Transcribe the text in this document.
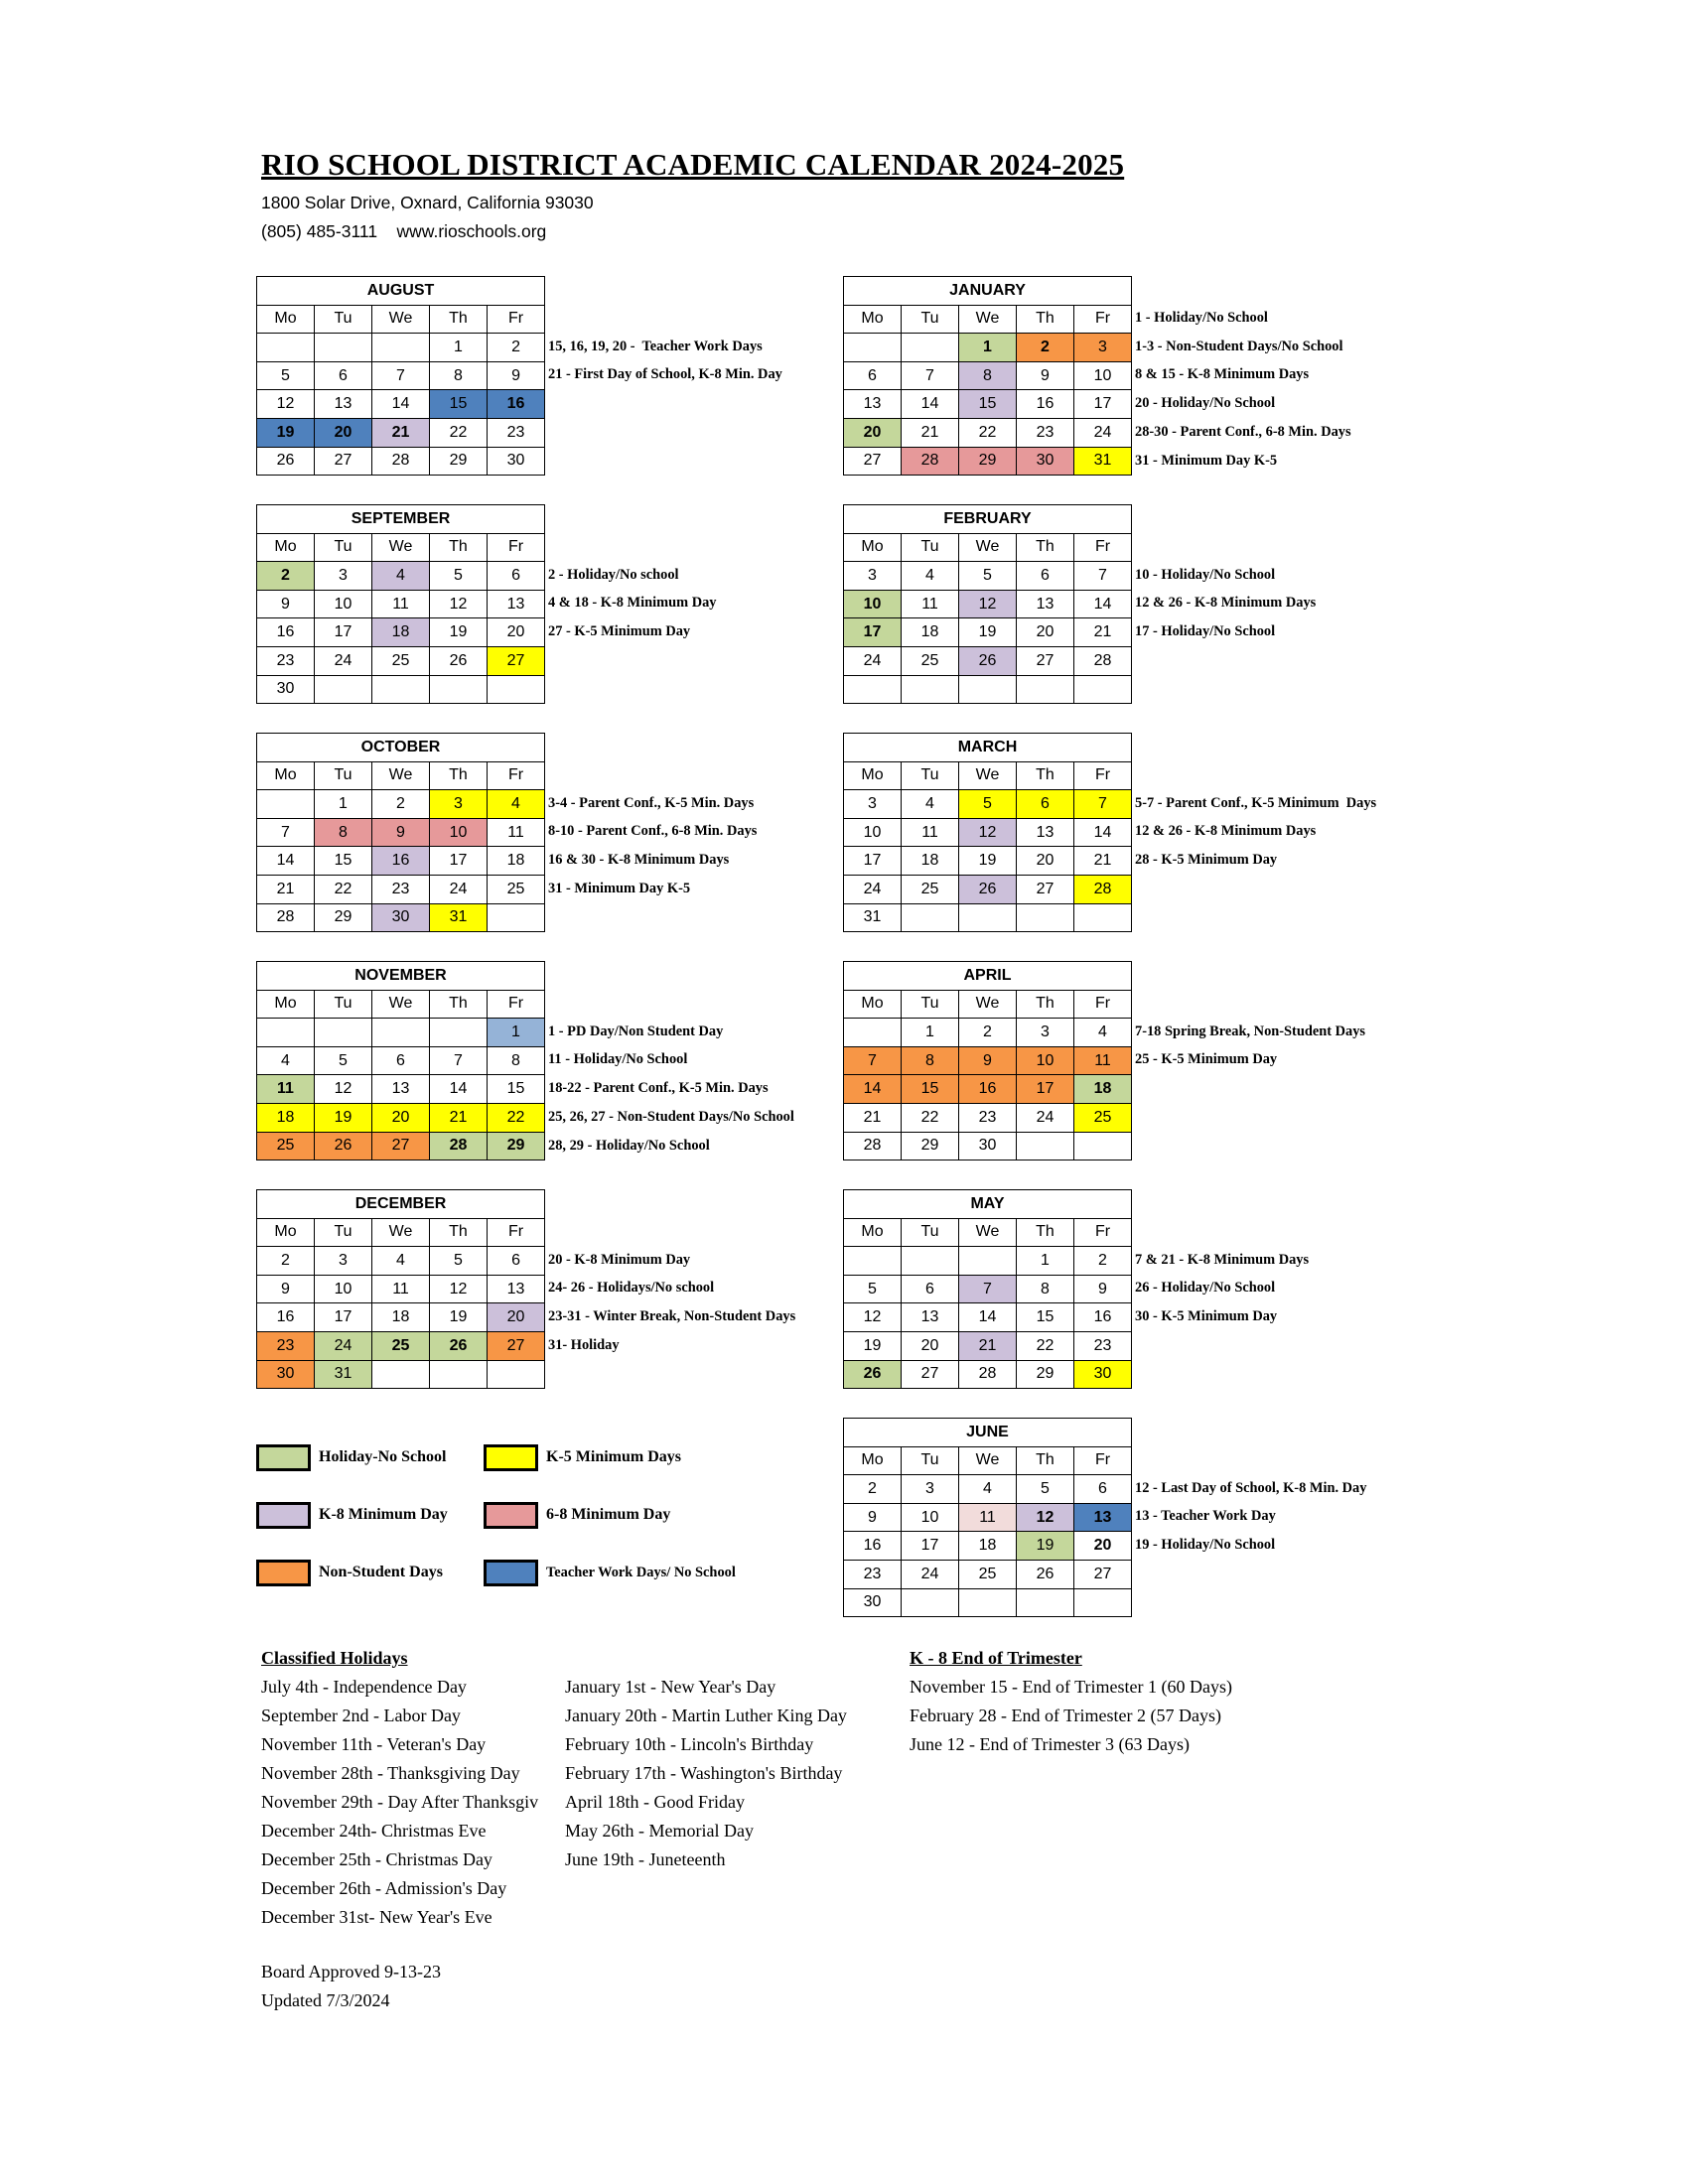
RIO SCHOOL DISTRICT ACADEMIC CALENDAR 2024-2025
1800 Solar Drive, Oxnard, California 93030
(805) 485-3111    www.rioschools.org
AUGUST				
Mo	Tu	We	Th	Fr
			1	2
5	6	7	8	9
12	13	14	15	16
19	20	21	22	23
26	27	28	29	30
15, 16, 19, 20 -  Teacher Work Days
21 - First Day of School, K-8 Min. Day
SEPTEMBER				
Mo	Tu	We	Th	Fr
2	3	4	5	6
9	10	11	12	13
16	17	18	19	20
23	24	25	26	27
30				
2 - Holiday/No school
4 & 18 - K-8 Minimum Day
27 - K-5 Minimum Day
OCTOBER				
Mo	Tu	We	Th	Fr
	1	2	3	4
7	8	9	10	11
14	15	16	17	18
21	22	23	24	25
28	29	30	31	
3-4 - Parent Conf., K-5 Min. Days
8-10 - Parent Conf., 6-8 Min. Days
16 & 30 - K-8 Minimum Days
31 - Minimum Day K-5
NOVEMBER				
Mo	Tu	We	Th	Fr
				1
4	5	6	7	8
11	12	13	14	15
18	19	20	21	22
25	26	27	28	29
1 - PD Day/Non Student Day
11 - Holiday/No School
18-22 - Parent Conf., K-5 Min. Days
25, 26, 27 - Non-Student Days/No School
28, 29 - Holiday/No School
DECEMBER				
Mo	Tu	We	Th	Fr
2	3	4	5	6
9	10	11	12	13
16	17	18	19	20
23	24	25	26	27
30	31			
20 - K-8 Minimum Day
24- 26 - Holidays/No school
23-31 - Winter Break, Non-Student Days
31- Holiday
JANUARY				
Mo	Tu	We	Th	Fr
		1	2	3
6	7	8	9	10
13	14	15	16	17
20	21	22	23	24
27	28	29	30	31
1 - Holiday/No School
1-3 - Non-Student Days/No School
8 & 15 - K-8 Minimum Days
20 - Holiday/No School
28-30 - Parent Conf., 6-8 Min. Days
31 - Minimum Day K-5
FEBRUARY				
Mo	Tu	We	Th	Fr
3	4	5	6	7
10	11	12	13	14
17	18	19	20	21
24	25	26	27	28

10 - Holiday/No School
12 & 26 - K-8 Minimum Days
17 - Holiday/No School
MARCH				
Mo	Tu	We	Th	Fr
3	4	5	6	7
10	11	12	13	14
17	18	19	20	21
24	25	26	27	28
31				
5-7 - Parent Conf., K-5 Minimum  Days
12 & 26 - K-8 Minimum Days
28 - K-5 Minimum Day
APRIL				
Mo	Tu	We	Th	Fr
	1	2	3	4
7	8	9	10	11
14	15	16	17	18
21	22	23	24	25
28	29	30		
7-18 Spring Break, Non-Student Days
25 - K-5 Minimum Day
MAY				
Mo	Tu	We	Th	Fr
			1	2
5	6	7	8	9
12	13	14	15	16
19	20	21	22	23
26	27	28	29	30
7 & 21 - K-8 Minimum Days
26 - Holiday/No School
30 - K-5 Minimum Day
JUNE				
Mo	Tu	We	Th	Fr
2	3	4	5	6
9	10	11	12	13
16	17	18	19	20
23	24	25	26	27
30				
12 - Last Day of School, K-8 Min. Day
13 - Teacher Work Day
19 - Holiday/No School
Holiday-No School	K-5 Minimum Days
K-8 Minimum Day	6-8 Minimum Day
Non-Student Days	Teacher Work Days/ No School
Classified Holidays
July 4th - Independence Day
September 2nd - Labor Day
November 11th - Veteran's Day
November 28th - Thanksgiving Day
November 29th - Day After Thanksgiv
December 24th- Christmas Eve
December 25th - Christmas Day
December 26th - Admission's Day
December 31st- New Year's Eve
January 1st - New Year's Day
January 20th - Martin Luther King Day
February 10th - Lincoln's Birthday
February 17th - Washington's Birthday
April 18th - Good Friday
May 26th - Memorial Day
June 19th - Juneteenth
K - 8 End of Trimester
November 15 - End of Trimester 1 (60 Days)
February 28 - End of Trimester 2 (57 Days)
June 12 - End of Trimester 3 (63 Days)
Board Approved 9-13-23
Updated 7/3/2024
